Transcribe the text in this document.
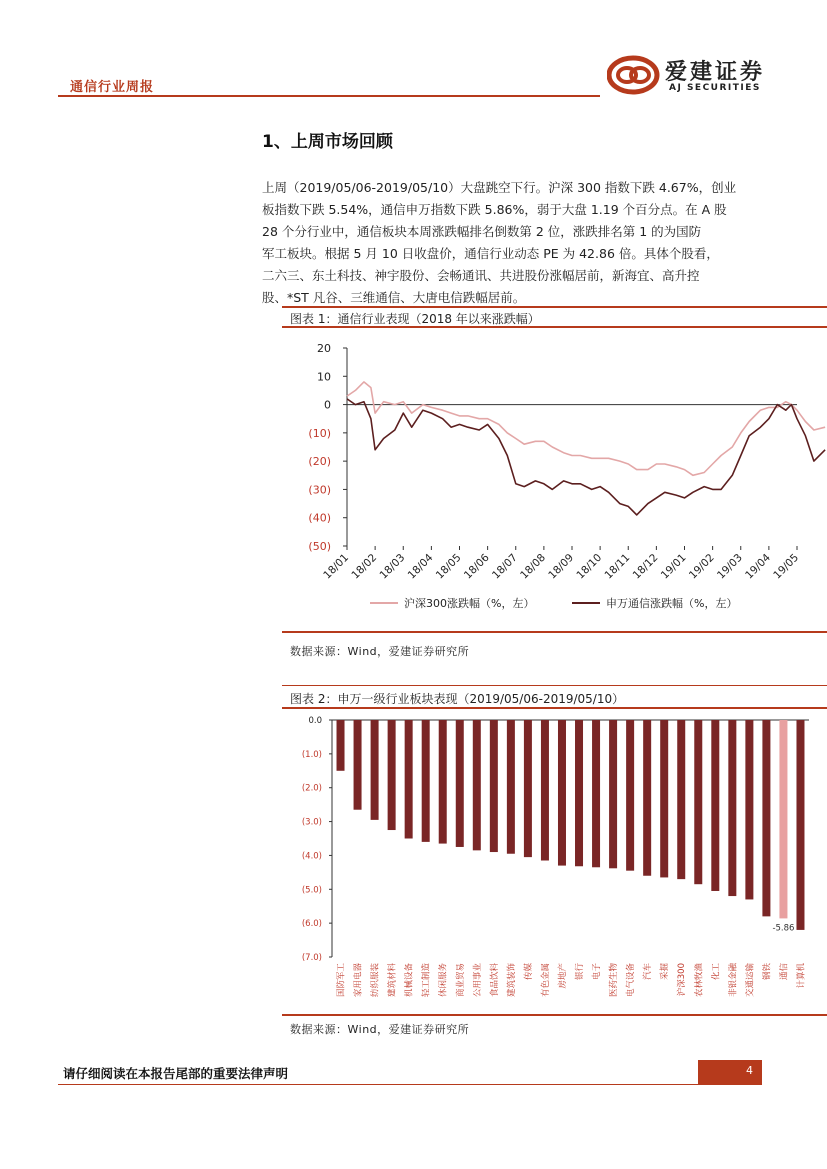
通信行业周报
爱建证券
AJ SECURITIES
1、上周市场回顾
上周（2019/05/06-2019/05/10）大盘跳空下行。沪深 300 指数下跌 4.67%，创业
板指数下跌 5.54%，通信申万指数下跌 5.86%，弱于大盘 1.19 个百分点。在 A 股
28 个分行业中，通信板块本周涨跌幅排名倒数第 2 位，涨跌排名第 1 的为国防
军工板块。根据 5 月 10 日收盘价，通信行业动态 PE 为 42.86 倍。具体个股看，
二六三、东土科技、神宇股份、会畅通讯、共进股份涨幅居前，新海宜、高升控
股、*ST 凡谷、三维通信、大唐电信跌幅居前。
图表 1：通信行业表现（2018 年以来涨跌幅）
20
10
0
(10)
(20)
(30)
(40)
(50)
18/01
18/02
18/03
18/04
18/05
18/06
18/07
18/08
18/09
18/10
18/11
18/12
19/01
19/02
19/03
19/04
19/05
沪深300涨跌幅（%，左）	申万通信涨跌幅（%，左）
数据来源：Wind，爱建证券研究所
图表 2：申万一级行业板块表现（2019/05/06-2019/05/10）
0.0
(1.0)
(2.0)
(3.0)
(4.0)
(5.0)
(6.0)
(7.0)
国防军工 家用电器 纺织服装 建筑材料 机械设备 轻工制造 休闲服务 商业贸易 公用事业 食品饮料 建筑装饰 传媒 有色金属 房地产 银行 电子 医药生物 电气设备 汽车 采掘 沪深300 农林牧渔 化工 非银金融 交通运输 钢铁 通信 计算机
-5.86
数据来源：Wind，爱建证券研究所
请仔细阅读在本报告尾部的重要法律声明	4
